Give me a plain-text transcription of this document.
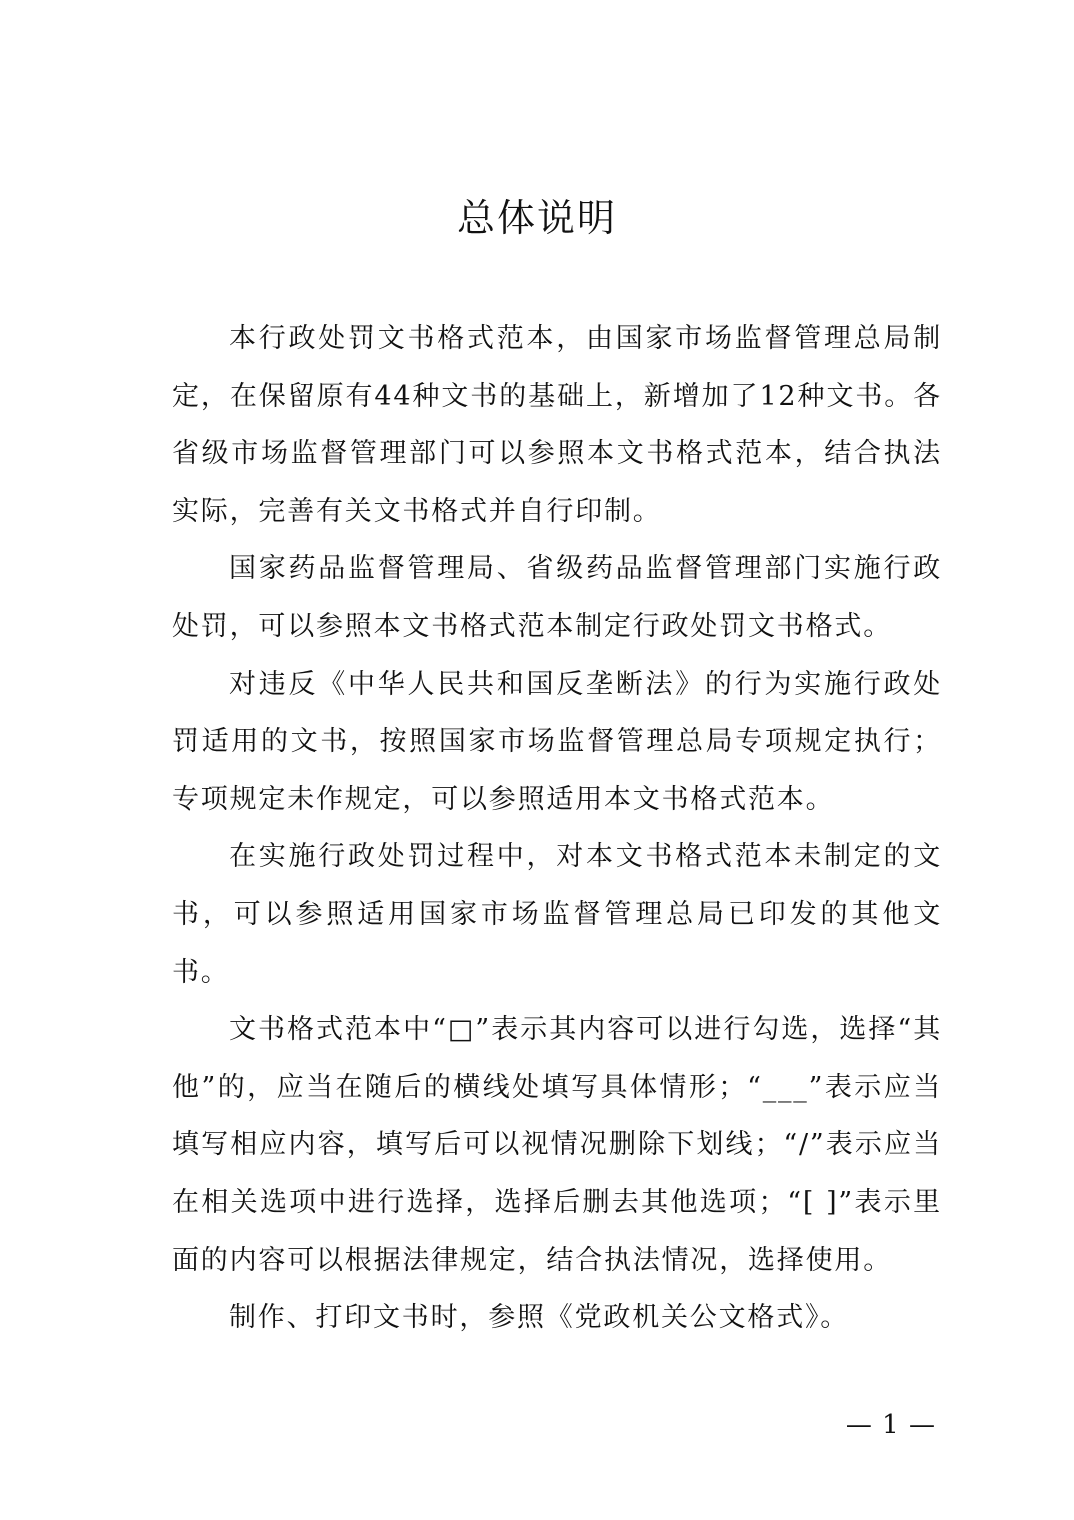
总体说明

本行政处罚文书格式范本，由国家市场监督管理总局制定，在保留原有44种文书的基础上，新增加了12种文书。各省级市场监督管理部门可以参照本文书格式范本，结合执法实际，完善有关文书格式并自行印制。

国家药品监督管理局、省级药品监督管理部门实施行政处罚，可以参照本文书格式范本制定行政处罚文书格式。

对违反《中华人民共和国反垄断法》的行为实施行政处罚适用的文书，按照国家市场监督管理总局专项规定执行；专项规定未作规定，可以参照适用本文书格式范本。

在实施行政处罚过程中，对本文书格式范本未制定的文书，可以参照适用国家市场监督管理总局已印发的其他文书。

文书格式范本中“□”表示其内容可以进行勾选，选择“其他”的，应当在随后的横线处填写具体情形；“___”表示应当填写相应内容，填写后可以视情况删除下划线；“/”表示应当在相关选项中进行选择，选择后删去其他选项；“[ ]”表示里面的内容可以根据法律规定，结合执法情况，选择使用。

制作、打印文书时，参照《党政机关公文格式》。

— 1 —
